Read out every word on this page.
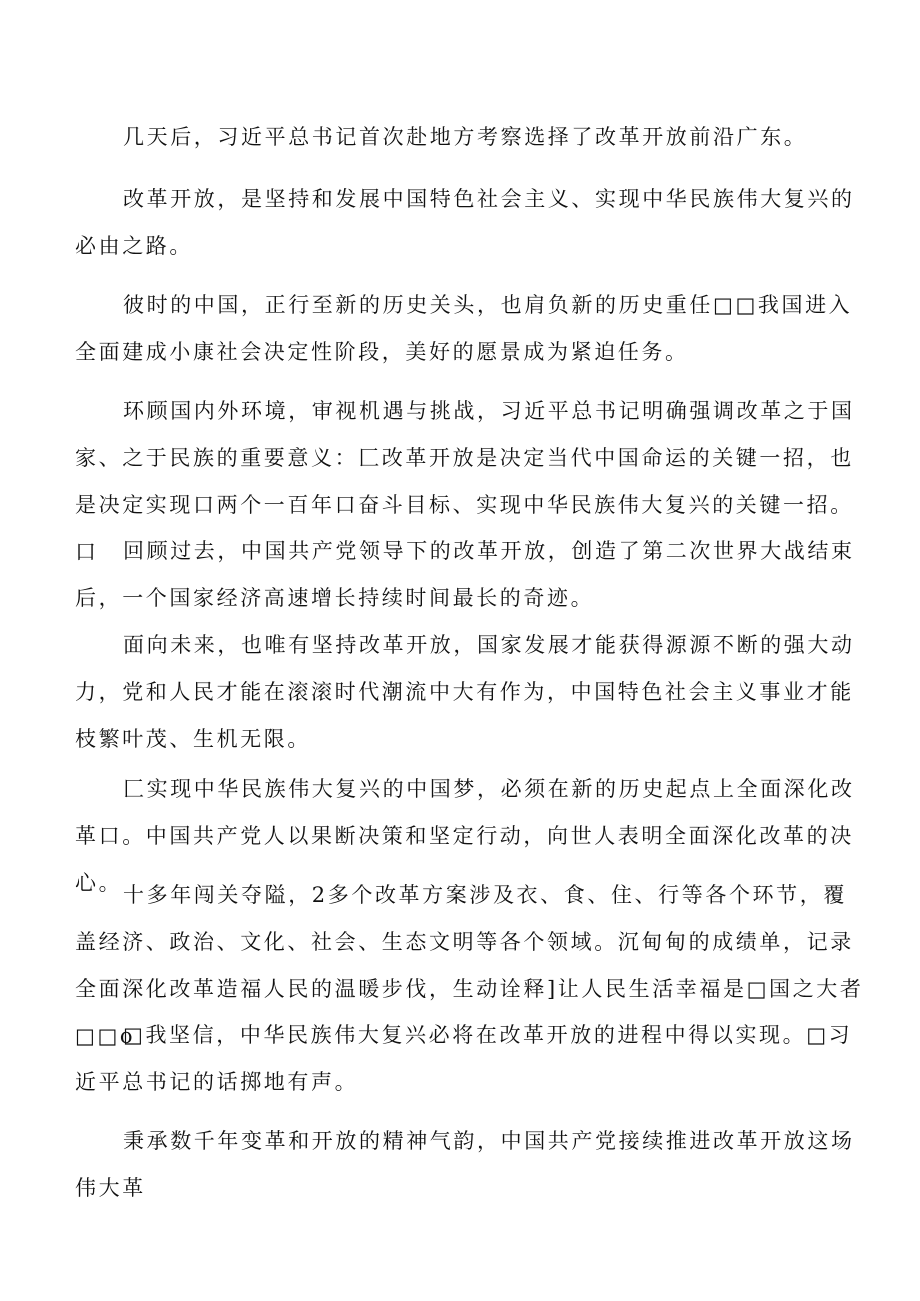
几天后，习近平总书记首次赴地方考察选择了改革开放前沿广东。

改革开放，是坚持和发展中国特色社会主义、实现中华民族伟大复兴的必由之路。

彼时的中国，正行至新的历史关头，也肩负新的历史重任□□我国进入全面建成小康社会决定性阶段，美好的愿景成为紧迫任务。

环顾国内外环境，审视机遇与挑战，习近平总书记明确强调改革之于国家、之于民族的重要意义：匚改革开放是决定当代中国命运的关键一招，也是决定实现口两个一百年口奋斗目标、实现中华民族伟大复兴的关键一招。口	回顾过去，中国共产党领导下的改革开放，创造了第二次世界大战结束后，一个国家经济高速增长持续时间最长的奇迹。

面向未来，也唯有坚持改革开放，国家发展才能获得源源不断的强大动力，党和人民才能在滚滚时代潮流中大有作为，中国特色社会主义事业才能枝繁叶茂、生机无限。

匚实现中华民族伟大复兴的中国梦，必须在新的历史起点上全面深化改革口。中国共产党人以果断决策和坚定行动，向世人表明全面深化改革的决心。 十多年闯关夺隘，2多个改革方案涉及衣、食、住、行等各个环节，覆盖经济、政治、文化、社会、生态文明等各个领域。沉甸甸的成绩单，记录全面深化改革造福人民的温暖步伐，生动诠释]让人民生活幸福是□国之大者□□o

□我坚信，中华民族伟大复兴必将在改革开放的进程中得以实现。□习近平总书记的话掷地有声。

秉承数千年变革和开放的精神气韵，中国共产党接续推进改革开放这场伟大革
